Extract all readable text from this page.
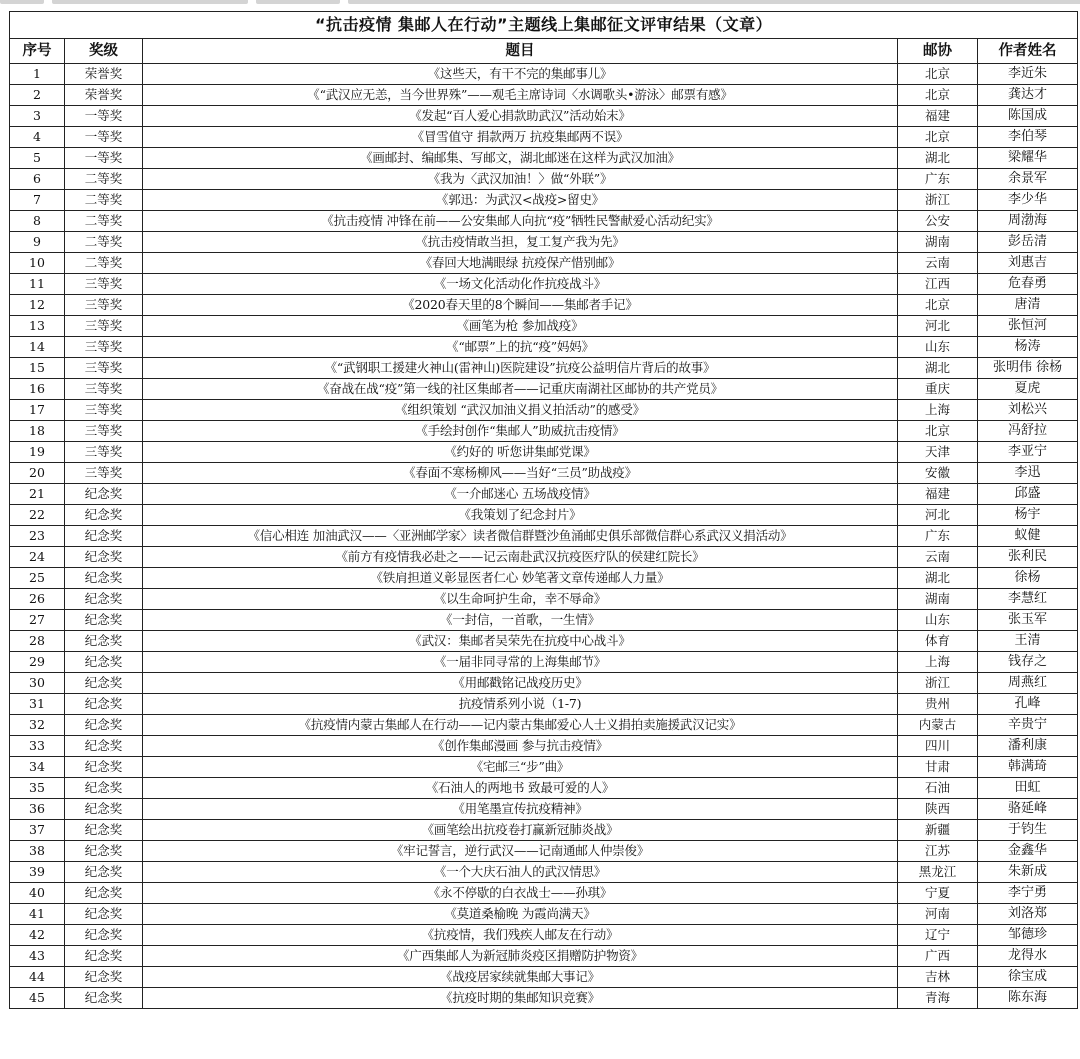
“抗击疫情 集邮人在行动”主题线上集邮征文评审结果（文章）				
序号	奖级	题目	邮协	作者姓名
1	荣誉奖	《这些天，有干不完的集邮事儿》	北京	李近朱
2	荣誉奖	《“武汉应无恙，当今世界殊”——观毛主席诗词〈水调歌头•游泳〉邮票有感》	北京	龚达才
3	一等奖	《发起“百人爱心捐款助武汉”活动始末》	福建	陈国成
4	一等奖	《冒雪值守 捐款两万 抗疫集邮两不误》	北京	李伯琴
5	一等奖	《画邮封、编邮集、写邮文，湖北邮迷在这样为武汉加油》	湖北	梁耀华
6	二等奖	《我为〈武汉加油！〉做“外联”》	广东	余景军
7	二等奖	《郭迅：为武汉<战疫>留史》	浙江	李少华
8	二等奖	《抗击疫情 冲锋在前——公安集邮人向抗“疫”牺牲民警献爱心活动纪实》	公安	周渤海
9	二等奖	《抗击疫情敢当担，复工复产我为先》	湖南	彭岳清
10	二等奖	《春回大地满眼绿 抗疫保产惜别邮》	云南	刘惠吉
11	三等奖	《一场文化活动化作抗疫战斗》	江西	危春勇
12	三等奖	《2020春天里的8个瞬间——集邮者手记》	北京	唐清
13	三等奖	《画笔为枪 参加战疫》	河北	张恒河
14	三等奖	《“邮票”上的抗“疫”妈妈》	山东	杨涛
15	三等奖	《“武钢职工援建火神山(雷神山)医院建设”抗疫公益明信片背后的故事》	湖北	张明伟 徐杨
16	三等奖	《奋战在战“疫”第一线的社区集邮者——记重庆南湖社区邮协的共产党员》	重庆	夏虎
17	三等奖	《组织策划 “武汉加油义捐义拍活动”的感受》	上海	刘松兴
18	三等奖	《手绘封创作“集邮人”助威抗击疫情》	北京	冯舒拉
19	三等奖	《约好的 听您讲集邮党课》	天津	李亚宁
20	三等奖	《春面不寒杨柳风——当好“三员”助战疫》	安徽	李迅
21	纪念奖	《一介邮迷心 五场战疫情》	福建	邱盛
22	纪念奖	《我策划了纪念封片》	河北	杨宇
23	纪念奖	《信心相连 加油武汉——〈亚洲邮学家〉读者微信群暨沙鱼涌邮史俱乐部微信群心系武汉义捐活动》	广东	蚁健
24	纪念奖	《前方有疫情我必赴之——记云南赴武汉抗疫医疗队的侯建红院长》	云南	张利民
25	纪念奖	《铁肩担道义彰显医者仁心 妙笔著文章传递邮人力量》	湖北	徐杨
26	纪念奖	《以生命呵护生命，幸不辱命》	湖南	李慧红
27	纪念奖	《一封信，一首歌，一生情》	山东	张玉军
28	纪念奖	《武汉：集邮者吴荣先在抗疫中心战斗》	体育	王清
29	纪念奖	《一届非同寻常的上海集邮节》	上海	钱存之
30	纪念奖	《用邮戳铭记战疫历史》	浙江	周燕红
31	纪念奖	抗疫情系列小说（1-7)	贵州	孔峰
32	纪念奖	《抗疫情内蒙古集邮人在行动——记内蒙古集邮爱心人士义捐拍卖施援武汉记实》	内蒙古	辛贵宁
33	纪念奖	《创作集邮漫画 参与抗击疫情》	四川	潘利康
34	纪念奖	《宅邮三“步”曲》	甘肃	韩满琦
35	纪念奖	《石油人的两地书 致最可爱的人》	石油	田虹
36	纪念奖	《用笔墨宣传抗疫精神》	陕西	骆延峰
37	纪念奖	《画笔绘出抗疫卷打赢新冠肺炎战》	新疆	于钧生
38	纪念奖	《牢记誓言，逆行武汉——记南通邮人仲崇俊》	江苏	金鑫华
39	纪念奖	《一个大庆石油人的武汉情思》	黑龙江	朱新成
40	纪念奖	《永不停歇的白衣战士——孙琪》	宁夏	李宁勇
41	纪念奖	《莫道桑榆晚 为霞尚满天》	河南	刘洛郑
42	纪念奖	《抗疫情，我们残疾人邮友在行动》	辽宁	邹德珍
43	纪念奖	《广西集邮人为新冠肺炎疫区捐赠防护物资》	广西	龙得水
44	纪念奖	《战疫居家续就集邮大事记》	吉林	徐宝成
45	纪念奖	《抗疫时期的集邮知识竞赛》	青海	陈东海
